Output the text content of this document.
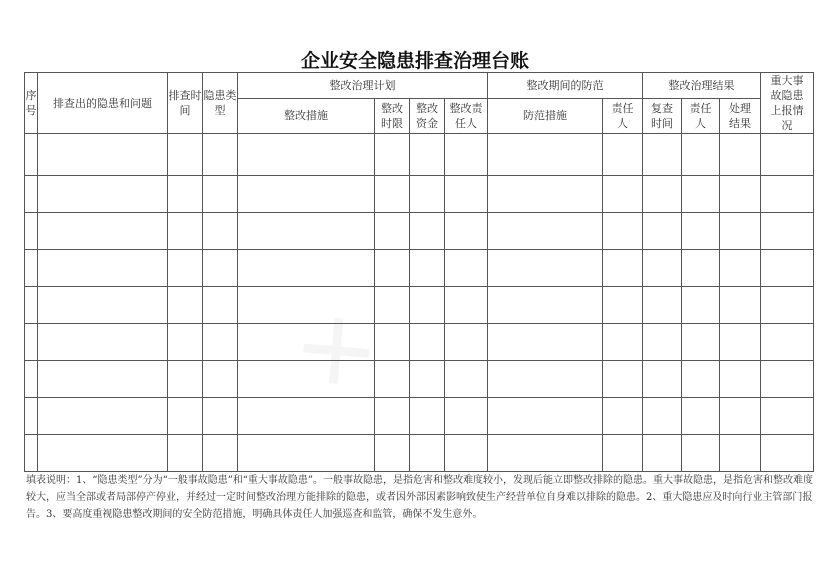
企业安全隐患排查治理台账
序号	排查出的隐患和问题	排查时间	隐患类型	整改治理计划				整改期间的防范		整改治理结果			重大事故隐患上报情况
				整改措施	整改时限	整改资金	整改责任人	防范措施	责任人	复查时间	责任人	处理结果	

填表说明：1、“隐患类型”分为“一般事故隐患”和“重大事故隐患”。一般事故隐患，是指危害和整改难度较小，发现后能立即整改排除的隐患。重大事故隐患，是指危害和整改难度较大，应当全部或者局部停产停业，并经过一定时间整改治理方能排除的隐患，或者因外部因素影响致使生产经营单位自身难以排除的隐患。2、重大隐患应及时向行业主管部门报告。3、要高度重视隐患整改期间的安全防范措施，明确具体责任人加强巡查和监管，确保不发生意外。
